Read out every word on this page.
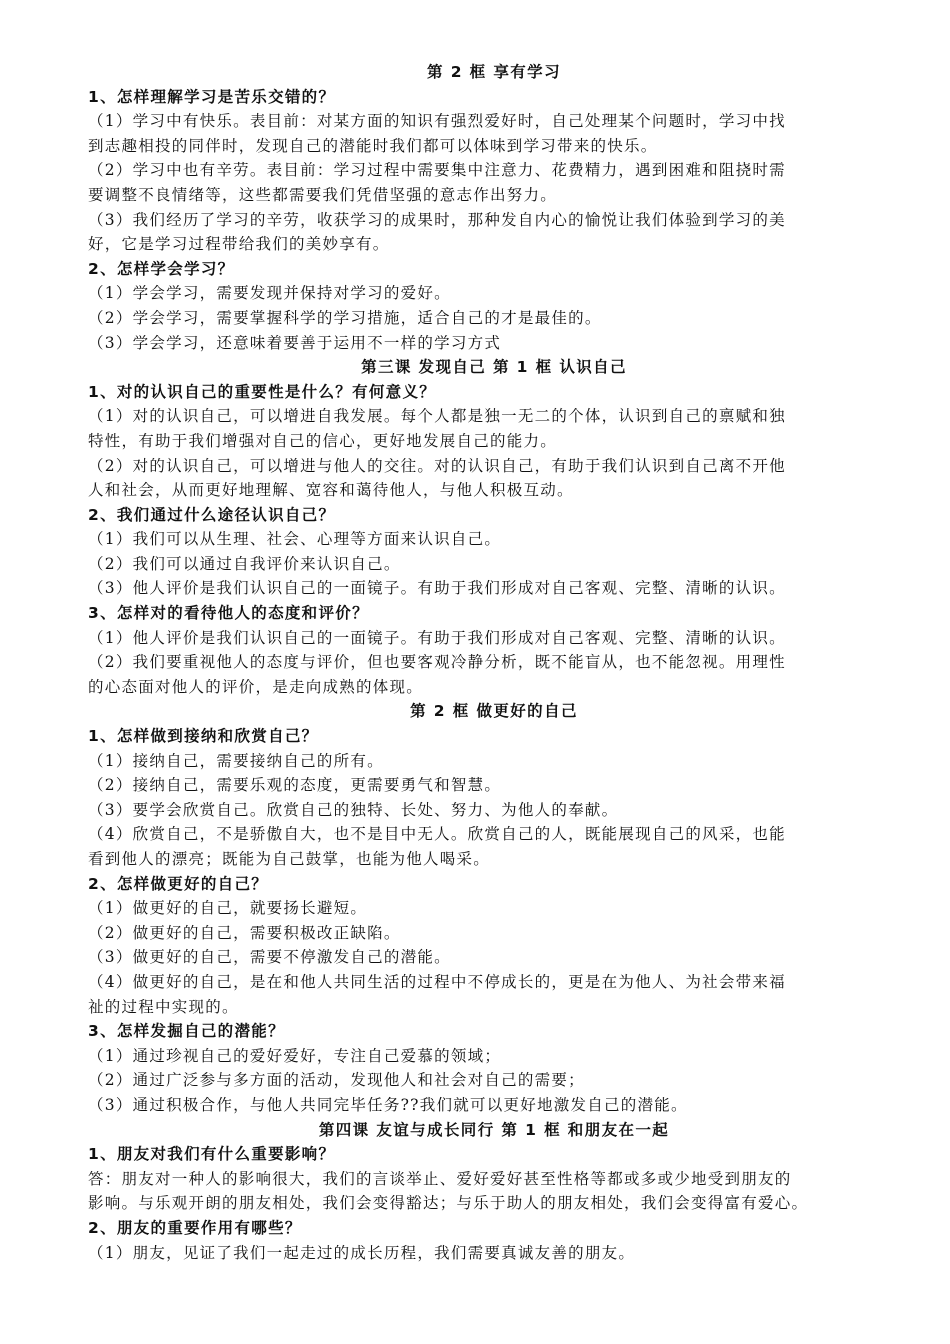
第 2 框 享有学习
1、怎样理解学习是苦乐交错的？
（1）学习中有快乐。表目前：对某方面的知识有强烈爱好时，自己处理某个问题时，学习中找
到志趣相投的同伴时，发现自己的潜能时我们都可以体味到学习带来的快乐。
（2）学习中也有辛劳。表目前：学习过程中需要集中注意力、花费精力，遇到困难和阻挠时需
要调整不良情绪等，这些都需要我们凭借坚强的意志作出努力。
（3）我们经历了学习的辛劳，收获学习的成果时，那种发自内心的愉悦让我们体验到学习的美
好，它是学习过程带给我们的美妙享有。
2、怎样学会学习？
（1）学会学习，需要发现并保持对学习的爱好。
（2）学会学习，需要掌握科学的学习措施，适合自己的才是最佳的。
（3）学会学习，还意味着要善于运用不一样的学习方式
第三课 发现自己 第 1 框 认识自己
1、对的认识自己的重要性是什么？有何意义？
（1）对的认识自己，可以增进自我发展。每个人都是独一无二的个体，认识到自己的禀赋和独
特性，有助于我们增强对自己的信心，更好地发展自己的能力。
（2）对的认识自己，可以增进与他人的交往。对的认识自己，有助于我们认识到自己离不开他
人和社会，从而更好地理解、宽容和蔼待他人，与他人积极互动。
2、我们通过什么途径认识自己？
（1）我们可以从生理、社会、心理等方面来认识自己。
（2）我们可以通过自我评价来认识自己。
（3）他人评价是我们认识自己的一面镜子。有助于我们形成对自己客观、完整、清晰的认识。
3、怎样对的看待他人的态度和评价？
（1）他人评价是我们认识自己的一面镜子。有助于我们形成对自己客观、完整、清晰的认识。
（2）我们要重视他人的态度与评价，但也要客观冷静分析，既不能盲从，也不能忽视。用理性
的心态面对他人的评价，是走向成熟的体现。
第 2 框 做更好的自己
1、怎样做到接纳和欣赏自己？
（1）接纳自己，需要接纳自己的所有。
（2）接纳自己，需要乐观的态度，更需要勇气和智慧。
（3）要学会欣赏自己。欣赏自己的独特、长处、努力、为他人的奉献。
（4）欣赏自己，不是骄傲自大，也不是目中无人。欣赏自己的人，既能展现自己的风采，也能
看到他人的漂亮；既能为自己鼓掌，也能为他人喝采。
2、怎样做更好的自己？
（1）做更好的自己，就要扬长避短。
（2）做更好的自己，需要积极改正缺陷。
（3）做更好的自己，需要不停激发自己的潜能。
（4）做更好的自己，是在和他人共同生活的过程中不停成长的，更是在为他人、为社会带来福
祉的过程中实现的。
3、怎样发掘自己的潜能？
（1）通过珍视自己的爱好爱好，专注自己爱慕的领域；
（2）通过广泛参与多方面的活动，发现他人和社会对自己的需要；
（3）通过积极合作，与他人共同完毕任务??我们就可以更好地激发自己的潜能。
第四课 友谊与成长同行 第 1 框 和朋友在一起
1、朋友对我们有什么重要影响？
答：朋友对一种人的影响很大，我们的言谈举止、爱好爱好甚至性格等都或多或少地受到朋友的
影响。与乐观开朗的朋友相处，我们会变得豁达；与乐于助人的朋友相处，我们会变得富有爱心。
2、朋友的重要作用有哪些？
（1）朋友，见证了我们一起走过的成长历程，我们需要真诚友善的朋友。
